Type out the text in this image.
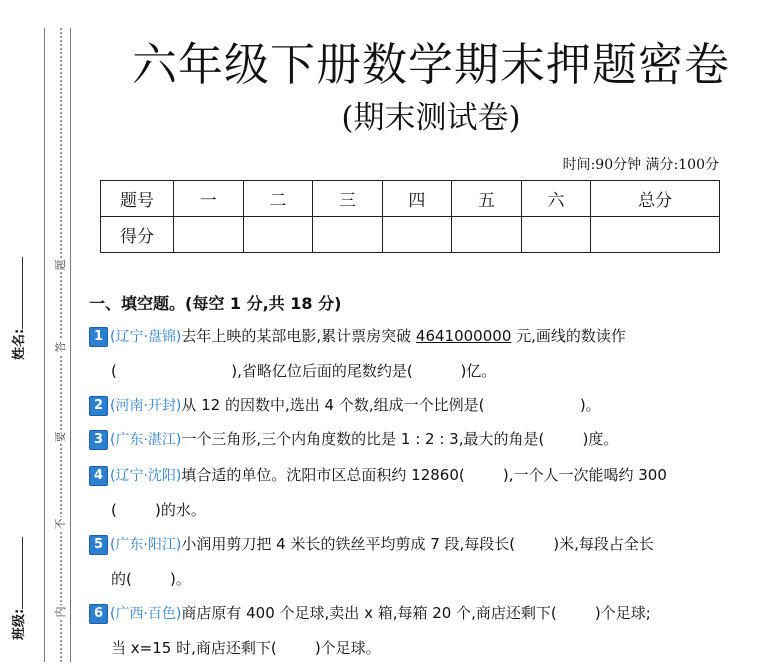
姓名:
班级:
题
答
要
不
内
六年级下册数学期末押题密卷
(期末测试卷)
时间:90分钟 满分:100分
题号	一	二	三	四	五	六	总分
得分							
一、填空题。(每空 1 分,共 18 分)
1 (辽宁·盘锦)去年上映的某部电影,累计票房突破 4641000000 元,画线的数读作
(                        ),省略亿位后面的尾数约是(          )亿。
2 (河南·开封)从 12 的因数中,选出 4 个数,组成一个比例是(                    )。
3 (广东·湛江)一个三角形,三个内角度数的比是 1 : 2 : 3,最大的角是(        )度。
4 (辽宁·沈阳)填合适的单位。沈阳市区总面积约 12860(        ),一个人一次能喝约 300
(        )的水。
5 (广东·阳江)小润用剪刀把 4 米长的铁丝平均剪成 7 段,每段长(        )米,每段占全长
的(        )。
6 (广西·百色)商店原有 400 个足球,卖出 x 箱,每箱 20 个,商店还剩下(        )个足球;
当 x=15 时,商店还剩下(        )个足球。
